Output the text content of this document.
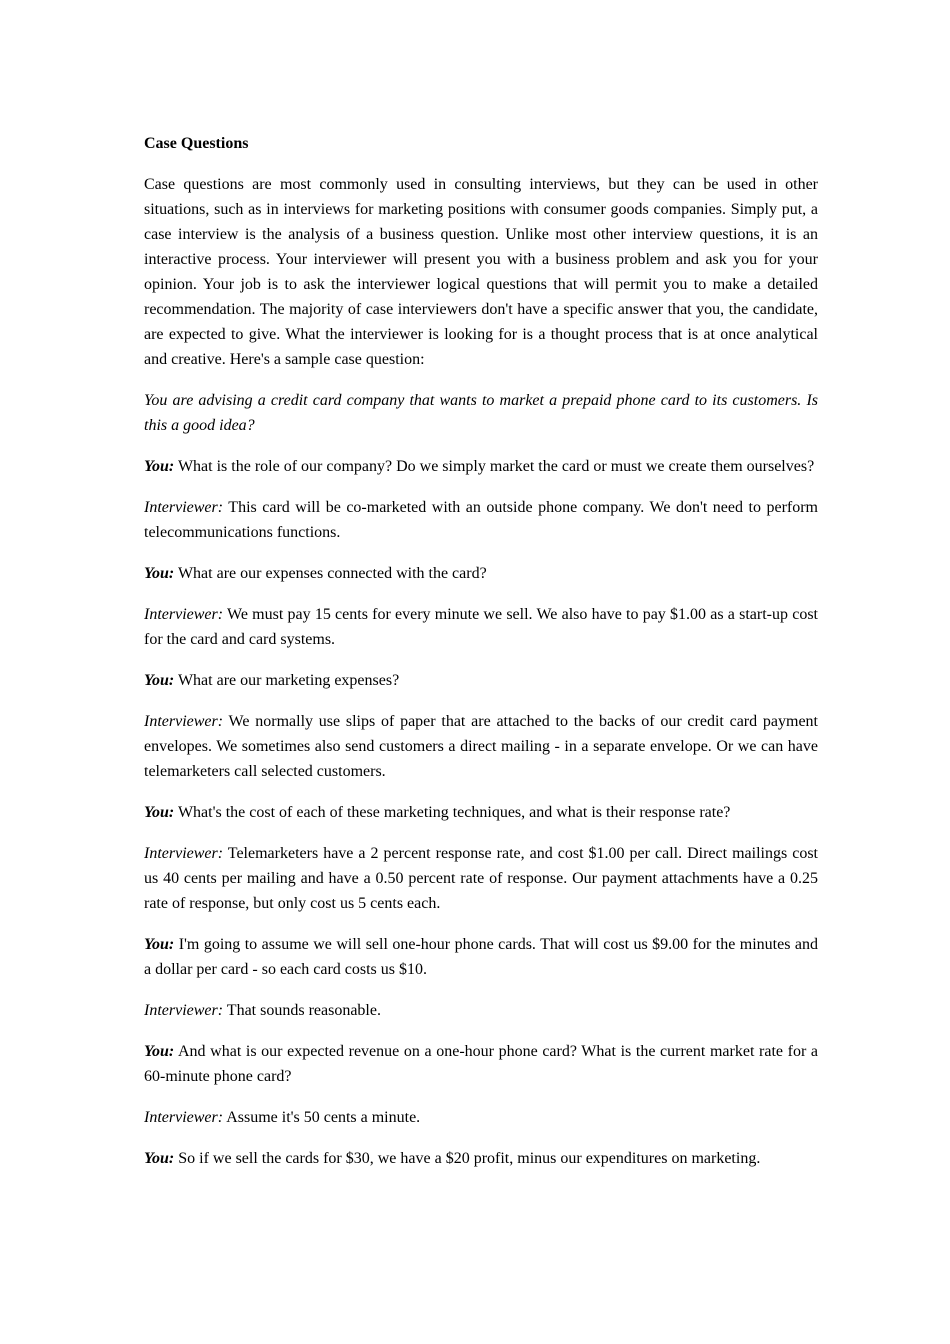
Case Questions

Case questions are most commonly used in consulting interviews, but they can be used in other situations, such as in interviews for marketing positions with consumer goods companies. Simply put, a case interview is the analysis of a business question. Unlike most other interview questions, it is an interactive process. Your interviewer will present you with a business problem and ask you for your opinion. Your job is to ask the interviewer logical questions that will permit you to make a detailed recommendation. The majority of case interviewers don't have a specific answer that you, the candidate, are expected to give. What the interviewer is looking for is a thought process that is at once analytical and creative. Here's a sample case question:

You are advising a credit card company that wants to market a prepaid phone card to its customers. Is this a good idea?

You: What is the role of our company? Do we simply market the card or must we create them ourselves?

Interviewer: This card will be co-marketed with an outside phone company. We don't need to perform telecommunications functions.

You: What are our expenses connected with the card?

Interviewer: We must pay 15 cents for every minute we sell. We also have to pay $1.00 as a start-up cost for the card and card systems.

You: What are our marketing expenses?

Interviewer: We normally use slips of paper that are attached to the backs of our credit card payment envelopes. We sometimes also send customers a direct mailing - in a separate envelope. Or we can have telemarketers call selected customers.

You: What's the cost of each of these marketing techniques, and what is their response rate?

Interviewer: Telemarketers have a 2 percent response rate, and cost $1.00 per call. Direct mailings cost us 40 cents per mailing and have a 0.50 percent rate of response. Our payment attachments have a 0.25 rate of response, but only cost us 5 cents each.

You: I'm going to assume we will sell one-hour phone cards. That will cost us $9.00 for the minutes and a dollar per card - so each card costs us $10.

Interviewer: That sounds reasonable.

You: And what is our expected revenue on a one-hour phone card? What is the current market rate for a 60-minute phone card?

Interviewer: Assume it's 50 cents a minute.

You: So if we sell the cards for $30, we have a $20 profit, minus our expenditures on marketing.
